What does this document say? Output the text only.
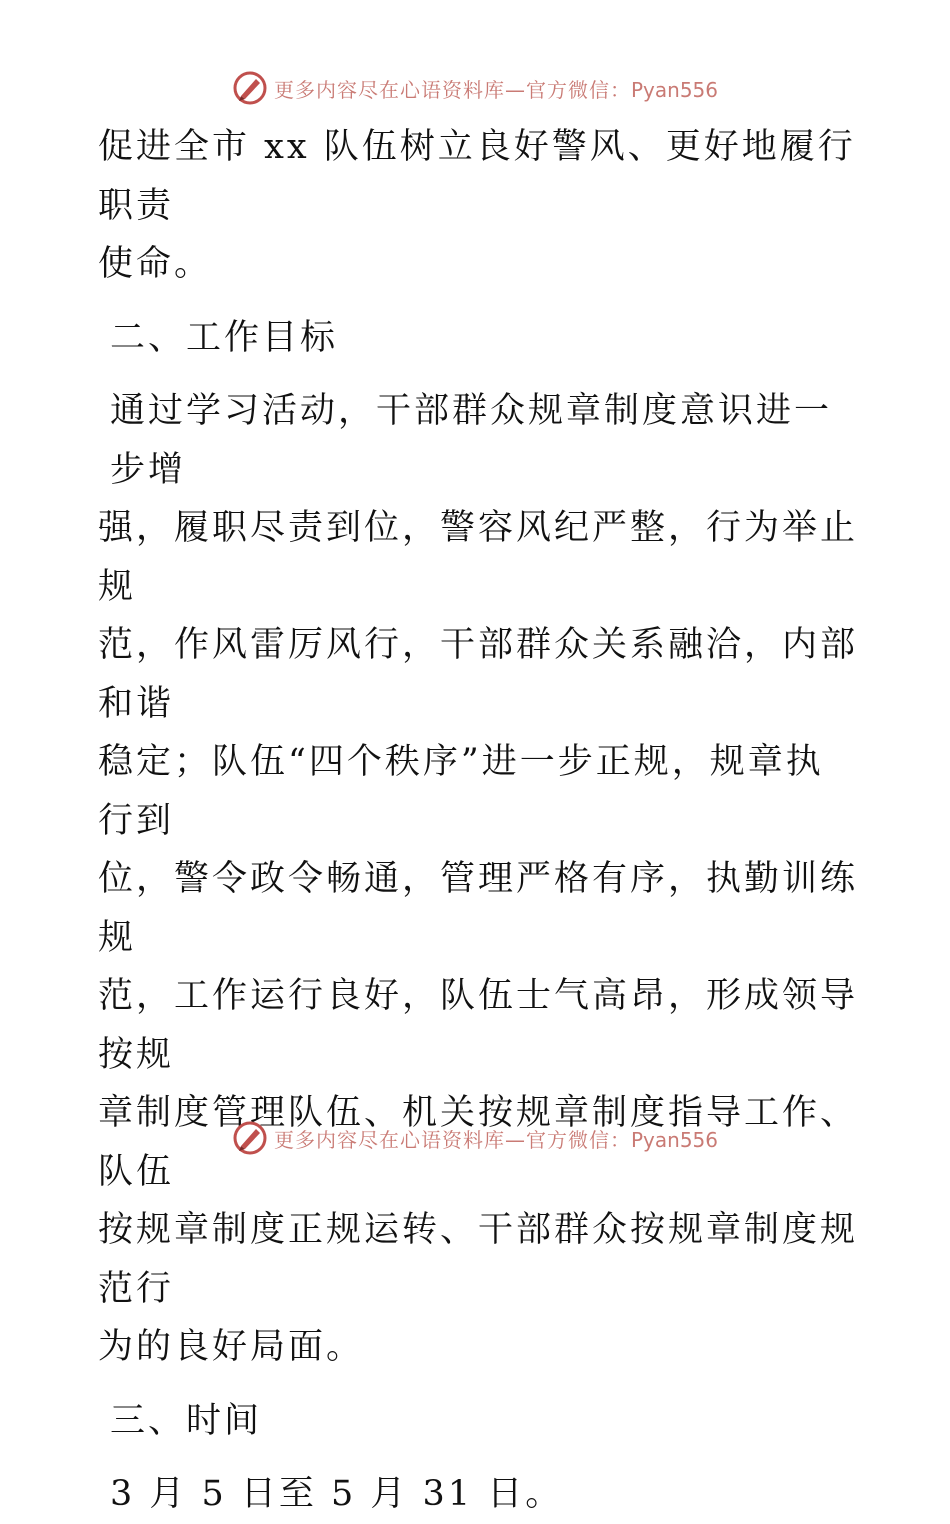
更多内容尽在心语资料库—官方微信：Pyan556

促进全市 xx 队伍树立良好警风、更好地履行职责

使命。

二、工作目标

通过学习活动，干部群众规章制度意识进一步增

强，履职尽责到位，警容风纪严整，行为举止规

范，作风雷厉风行，干部群众关系融洽，内部和谐

稳定；队伍“四个秩序”进一步正规，规章执行到

位，警令政令畅通，管理严格有序，执勤训练规

范，工作运行良好，队伍士气高昂，形成领导按规

章制度管理队伍、机关按规章制度指导工作、队伍

按规章制度正规运转、干部群众按规章制度规范行

为的良好局面。

三、时间

3 月 5 日至 5 月 31 日。

更多内容尽在心语资料库—官方微信：Pyan556
